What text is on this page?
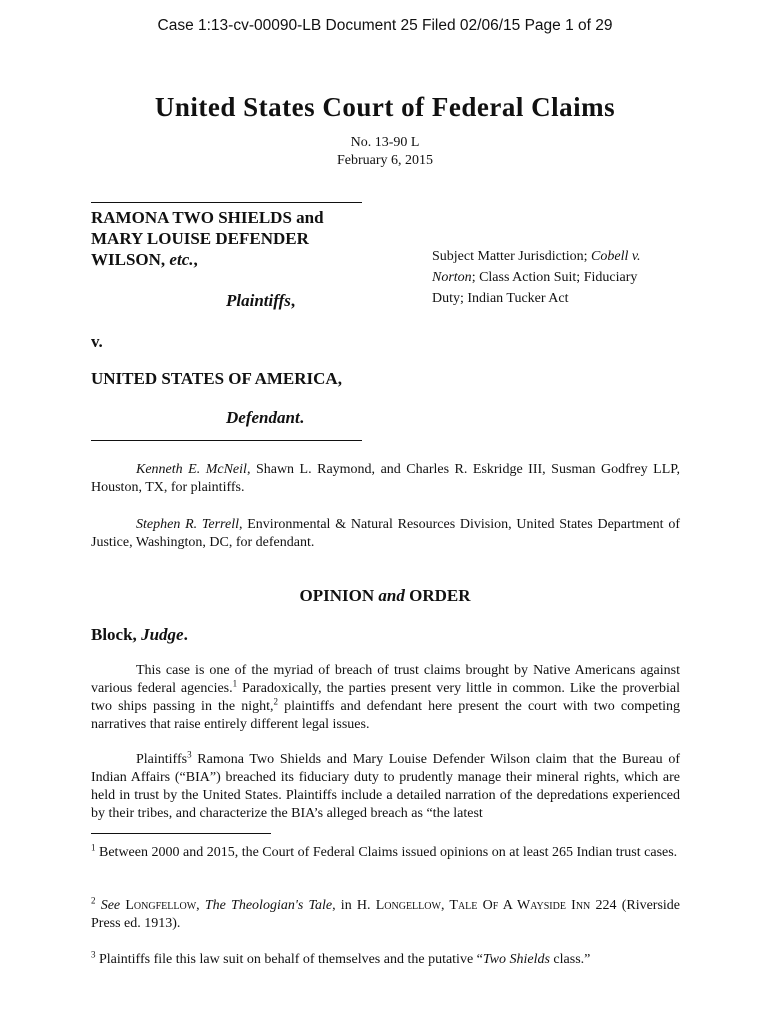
Case 1:13-cv-00090-LB Document 25 Filed 02/06/15 Page 1 of 29
United States Court of Federal Claims
No. 13-90 L
February 6, 2015
RAMONA TWO SHIELDS and
MARY LOUISE DEFENDER
WILSON, etc.,
Plaintiffs,
v.
UNITED STATES OF AMERICA,
Defendant.
Subject Matter Jurisdiction; Cobell v. Norton; Class Action Suit; Fiduciary Duty; Indian Tucker Act
Kenneth E. McNeil, Shawn L. Raymond, and Charles R. Eskridge III, Susman Godfrey LLP, Houston, TX, for plaintiffs.
Stephen R. Terrell, Environmental & Natural Resources Division, United States Department of Justice, Washington, DC, for defendant.
OPINION and ORDER
Block, Judge.
This case is one of the myriad of breach of trust claims brought by Native Americans against various federal agencies.$^1$ Paradoxically, the parties present very little in common. Like the proverbial two ships passing in the night,$^2$ plaintiffs and defendant here present the court with two competing narratives that raise entirely different legal issues.
Plaintiffs$^3$ Ramona Two Shields and Mary Louise Defender Wilson claim that the Bureau of Indian Affairs (“BIA”) breached its fiduciary duty to prudently manage their mineral rights, which are held in trust by the United States. Plaintiffs include a detailed narration of the depredations experienced by their tribes, and characterize the BIA’s alleged breach as “the latest
$^1$ Between 2000 and 2015, the Court of Federal Claims issued opinions on at least 265 Indian trust cases.
$^2$ See Longfellow, The Theologian's Tale, in H. Longellow, Tale Of A Wayside Inn 224 (Riverside Press ed. 1913).
$^3$ Plaintiffs file this law suit on behalf of themselves and the putative “Two Shields class.”
